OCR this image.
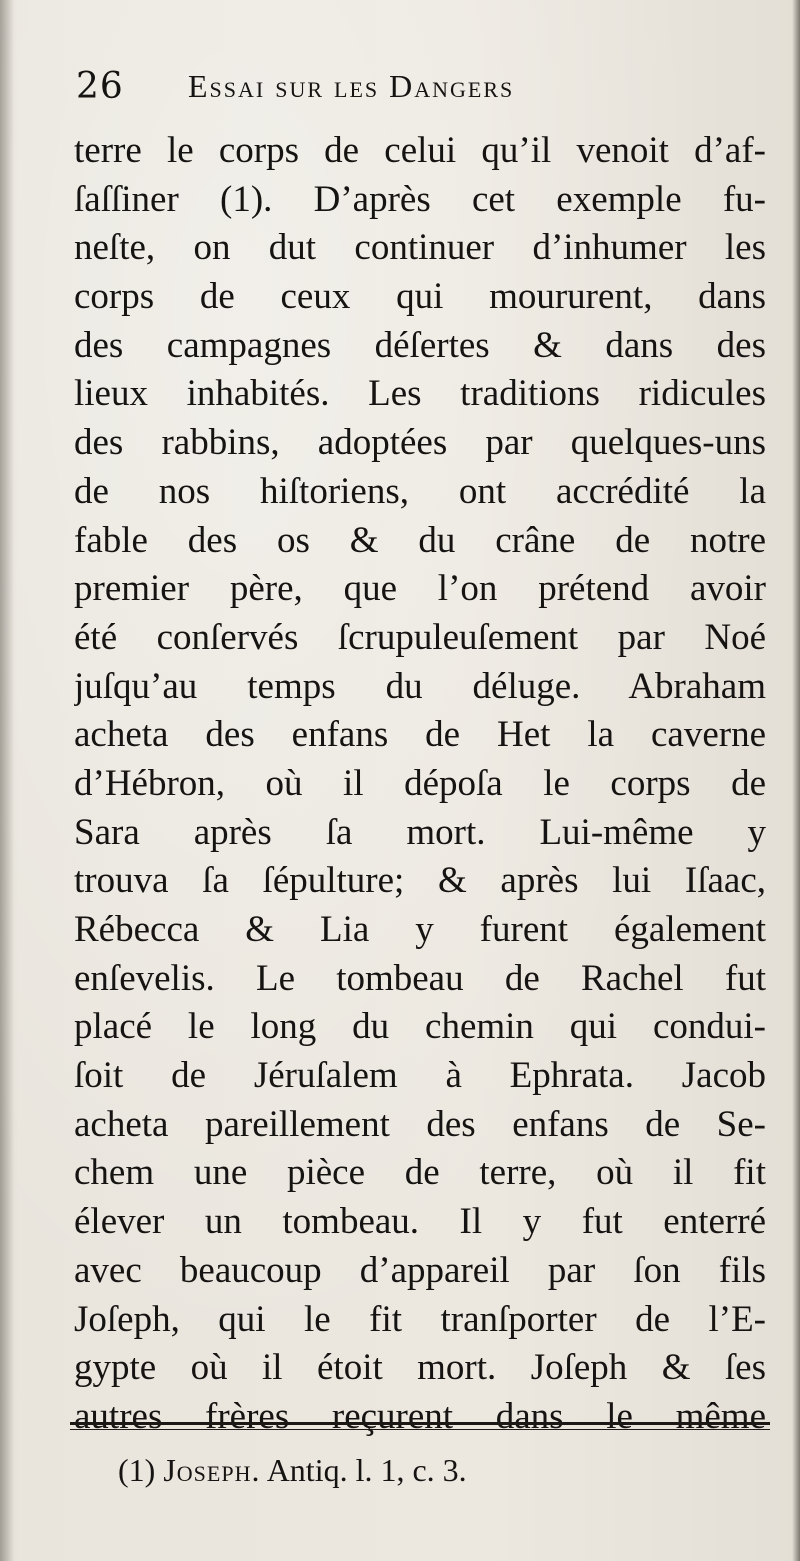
26 Essai sur les Dangers
terre le corps de celui qu’il venoit d’af-
ſaſſiner (1). D’après cet exemple fu-
neſte, on dut continuer d’inhumer les
corps de ceux qui moururent, dans
des campagnes déſertes & dans des
lieux inhabités. Les traditions ridicules
des rabbins, adoptées par quelques-uns
de nos hiſtoriens, ont accrédité la
fable des os & du crâne de notre
premier père, que l’on prétend avoir
été conſervés ſcrupuleuſement par Noé
juſqu’au temps du déluge. Abraham
acheta des enfans de Het la caverne
d’Hébron, où il dépoſa le corps de
Sara après ſa mort. Lui-même y
trouva ſa ſépulture; & après lui Iſaac,
Rébecca & Lia y furent également
enſevelis. Le tombeau de Rachel fut
placé le long du chemin qui condui-
ſoit de Jéruſalem à Ephrata. Jacob
acheta pareillement des enfans de Se-
chem une pièce de terre, où il fit
élever un tombeau. Il y fut enterré
avec beaucoup d’appareil par ſon fils
Joſeph, qui le fit tranſporter de l’E-
gypte où il étoit mort. Joſeph & ſes
autres frères reçurent dans le même
(1) Joseph. Antiq. l. 1, c. 3.
